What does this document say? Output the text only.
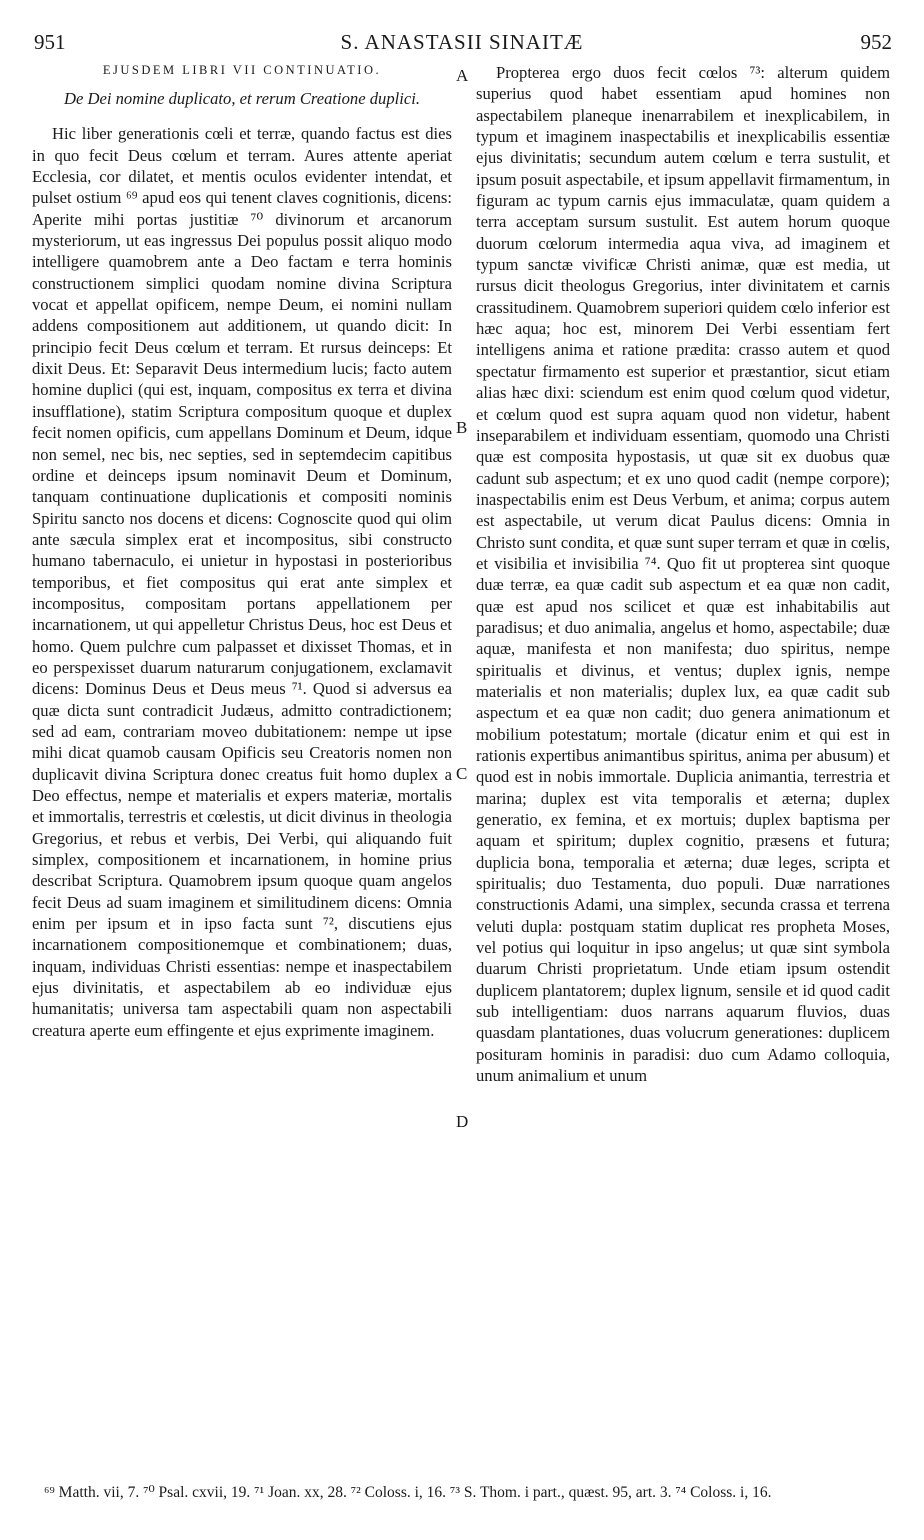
951	S. ANASTASII SINAITÆ	952
EJUSDEM LIBRI VII CONTINUATIO.
De Dei nomine duplicato, et rerum Creatione duplici.

Hic liber generationis cœli et terræ, quando factus est dies in quo fecit Deus cœlum et terram. Aures attente aperiat Ecclesia, cor dilatet, et mentis oculos evidenter intendat, et pulset ostium ⁶⁹ apud eos qui tenent claves cognitionis, dicens: Aperite mihi portas justitiæ ⁷⁰ divinorum et arcanorum mysteriorum, ut eas ingressus Dei populus possit aliquo modo intelligere quamobrem ante a Deo factam e terra hominis constructionem simplici quodam nomine divina Scriptura vocat et appellat opificem, nempe Deum, ei nomini nullam addens compositionem aut additionem, ut quando dicit: In principio fecit Deus cœlum et terram. Et rursus deinceps: Et dixit Deus. Et: Separavit Deus intermedium lucis; facto autem homine duplici (qui est, inquam, compositus ex terra et divina insufflatione), statim Scriptura compositum quoque et duplex fecit nomen opificis, cum appellans Dominum et Deum, idque non semel, nec bis, nec septies, sed in septemdecim capitibus ordine et deinceps ipsum nominavit Deum et Dominum, tanquam continuatione duplicationis et compositi nominis Spiritu sancto nos docens et dicens: Cognoscite quod qui olim ante sæcula simplex erat et incompositus, sibi constructo humano tabernaculo, ei unietur in hypostasi in posterioribus temporibus, et fiet compositus qui erat ante simplex et incompositus, compositam portans appellationem per incarnationem, ut qui appelletur Christus Deus, hoc est Deus et homo. Quem pulchre cum palpasset et dixisset Thomas, et in eo perspexisset duarum naturarum conjugationem, exclamavit dicens: Dominus Deus et Deus meus ⁷¹. Quod si adversus ea quæ dicta sunt contradicit Judæus, admitto contradictionem; sed ad eam, contrariam moveo dubitationem: nempe ut ipse mihi dicat quamob causam Opificis seu Creatoris nomen non duplicavit divina Scriptura donec creatus fuit homo duplex a Deo effectus, nempe et materialis et expers materiæ, mortalis et immortalis, terrestris et cœlestis, ut dicit divinus in theologia Gregorius, et rebus et verbis, Dei Verbi, qui aliquando fuit simplex, compositionem et incarnationem, in homine prius describat Scriptura. Quamobrem ipsum quoque quam angelos fecit Deus ad suam imaginem et similitudinem dicens: Omnia enim per ipsum et in ipso facta sunt ⁷², discutiens ejus incarnationem compositionemque et combinationem; duas, inquam, individuas Christi essentias: nempe et inaspectabilem ejus divinitatis, et aspectabilem ab eo individuæ ejus humanitatis; universa tam aspectabili quam non aspectabili creatura aperte eum effingente et ejus exprimente imaginem.

A
B
C
D

Propterea ergo duos fecit cœlos ⁷³: alterum quidem superius quod habet essentiam apud homines non aspectabilem planeque inenarrabilem et inexplicabilem, in typum et imaginem inaspectabilis et inexplicabilis essentiæ ejus divinitatis; secundum autem cœlum e terra sustulit, et ipsum posuit aspectabile, et ipsum appellavit firmamentum, in figuram ac typum carnis ejus immaculatæ, quam quidem a terra acceptam sursum sustulit. Est autem horum quoque duorum cœlorum intermedia aqua viva, ad imaginem et typum sanctæ vivificæ Christi animæ, quæ est media, ut rursus dicit theologus Gregorius, inter divinitatem et carnis crassitudinem. Quamobrem superiori quidem cœlo inferior est hæc aqua; hoc est, minorem Dei Verbi essentiam fert intelligens anima et ratione prædita: crasso autem et quod spectatur firmamento est superior et præstantior, sicut etiam alias hæc dixi: sciendum est enim quod cœlum quod videtur, et cœlum quod est supra aquam quod non videtur, habent inseparabilem et individuam essentiam, quomodo una Christi quæ est composita hypostasis, ut quæ sit ex duobus quæ cadunt sub aspectum; et ex uno quod cadit (nempe corpore); inaspectabilis enim est Deus Verbum, et anima; corpus autem est aspectabile, ut verum dicat Paulus dicens: Omnia in Christo sunt condita, et quæ sunt super terram et quæ in cœlis, et visibilia et invisibilia ⁷⁴. Quo fit ut propterea sint quoque duæ terræ, ea quæ cadit sub aspectum et ea quæ non cadit, quæ est apud nos scilicet et quæ est inhabitabilis aut paradisus; et duo animalia, angelus et homo, aspectabile; duæ aquæ, manifesta et non manifesta; duo spiritus, nempe spiritualis et divinus, et ventus; duplex ignis, nempe materialis et non materialis; duplex lux, ea quæ cadit sub aspectum et ea quæ non cadit; duo genera animationum et mobilium potestatum; mortale (dicatur enim et qui est in rationis expertibus animantibus spiritus, anima per abusum) et quod est in nobis immortale. Duplicia animantia, terrestria et marina; duplex est vita temporalis et æterna; duplex generatio, ex femina, et ex mortuis; duplex baptisma per aquam et spiritum; duplex cognitio, præsens et futura; duplicia bona, temporalia et æterna; duæ leges, scripta et spiritualis; duo Testamenta, duo populi. Duæ narrationes constructionis Adami, una simplex, secunda crassa et terrena veluti dupla: postquam statim duplicat res propheta Moses, vel potius qui loquitur in ipso angelus; ut quæ sint symbola duarum Christi proprietatum. Unde etiam ipsum ostendit duplicem plantatorem; duplex lignum, sensile et id quod cadit sub intelligentiam: duos narrans aquarum fluvios, duas quasdam plantationes, duas volucrum generationes: duplicem posituram hominis in paradisi: duo cum Adamo colloquia, unum animalium et unum

⁶⁹ Matth. vii, 7. ⁷⁰ Psal. cxvii, 19. ⁷¹ Joan. xx, 28. ⁷² Coloss. i, 16. ⁷³ S. Thom. i part., quæst. 95, art. 3. ⁷⁴ Coloss. i, 16.
